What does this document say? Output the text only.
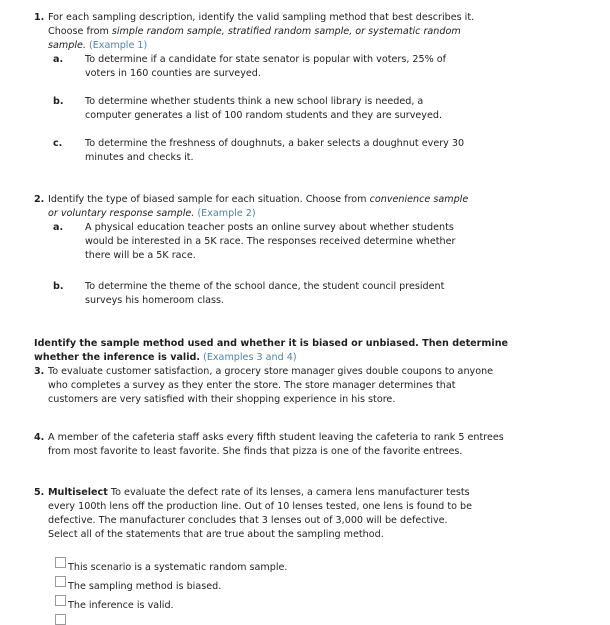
1. For each sampling description, identify the valid sampling method that best describes it.
Choose from simple random sample, stratified random sample, or systematic random
sample. (Example 1)
a. To determine if a candidate for state senator is popular with voters, 25% of
voters in 160 counties are surveyed.
b. To determine whether students think a new school library is needed, a
computer generates a list of 100 random students and they are surveyed.
c. To determine the freshness of doughnuts, a baker selects a doughnut every 30
minutes and checks it.
2. Identify the type of biased sample for each situation. Choose from convenience sample
or voluntary response sample. (Example 2)
a. A physical education teacher posts an online survey about whether students
would be interested in a 5K race. The responses received determine whether
there will be a 5K race.
b. To determine the theme of the school dance, the student council president
surveys his homeroom class.
Identify the sample method used and whether it is biased or unbiased. Then determine
whether the inference is valid. (Examples 3 and 4)
3. To evaluate customer satisfaction, a grocery store manager gives double coupons to anyone
who completes a survey as they enter the store. The store manager determines that
customers are very satisfied with their shopping experience in his store.
4. A member of the cafeteria staff asks every fifth student leaving the cafeteria to rank 5 entrees
from most favorite to least favorite. She finds that pizza is one of the favorite entrees.
5. Multiselect To evaluate the defect rate of its lenses, a camera lens manufacturer tests
every 100th lens off the production line. Out of 10 lenses tested, one lens is found to be
defective. The manufacturer concludes that 3 lenses out of 3,000 will be defective.
Select all of the statements that are true about the sampling method.
This scenario is a systematic random sample.
The sampling method is biased.
The inference is valid.
